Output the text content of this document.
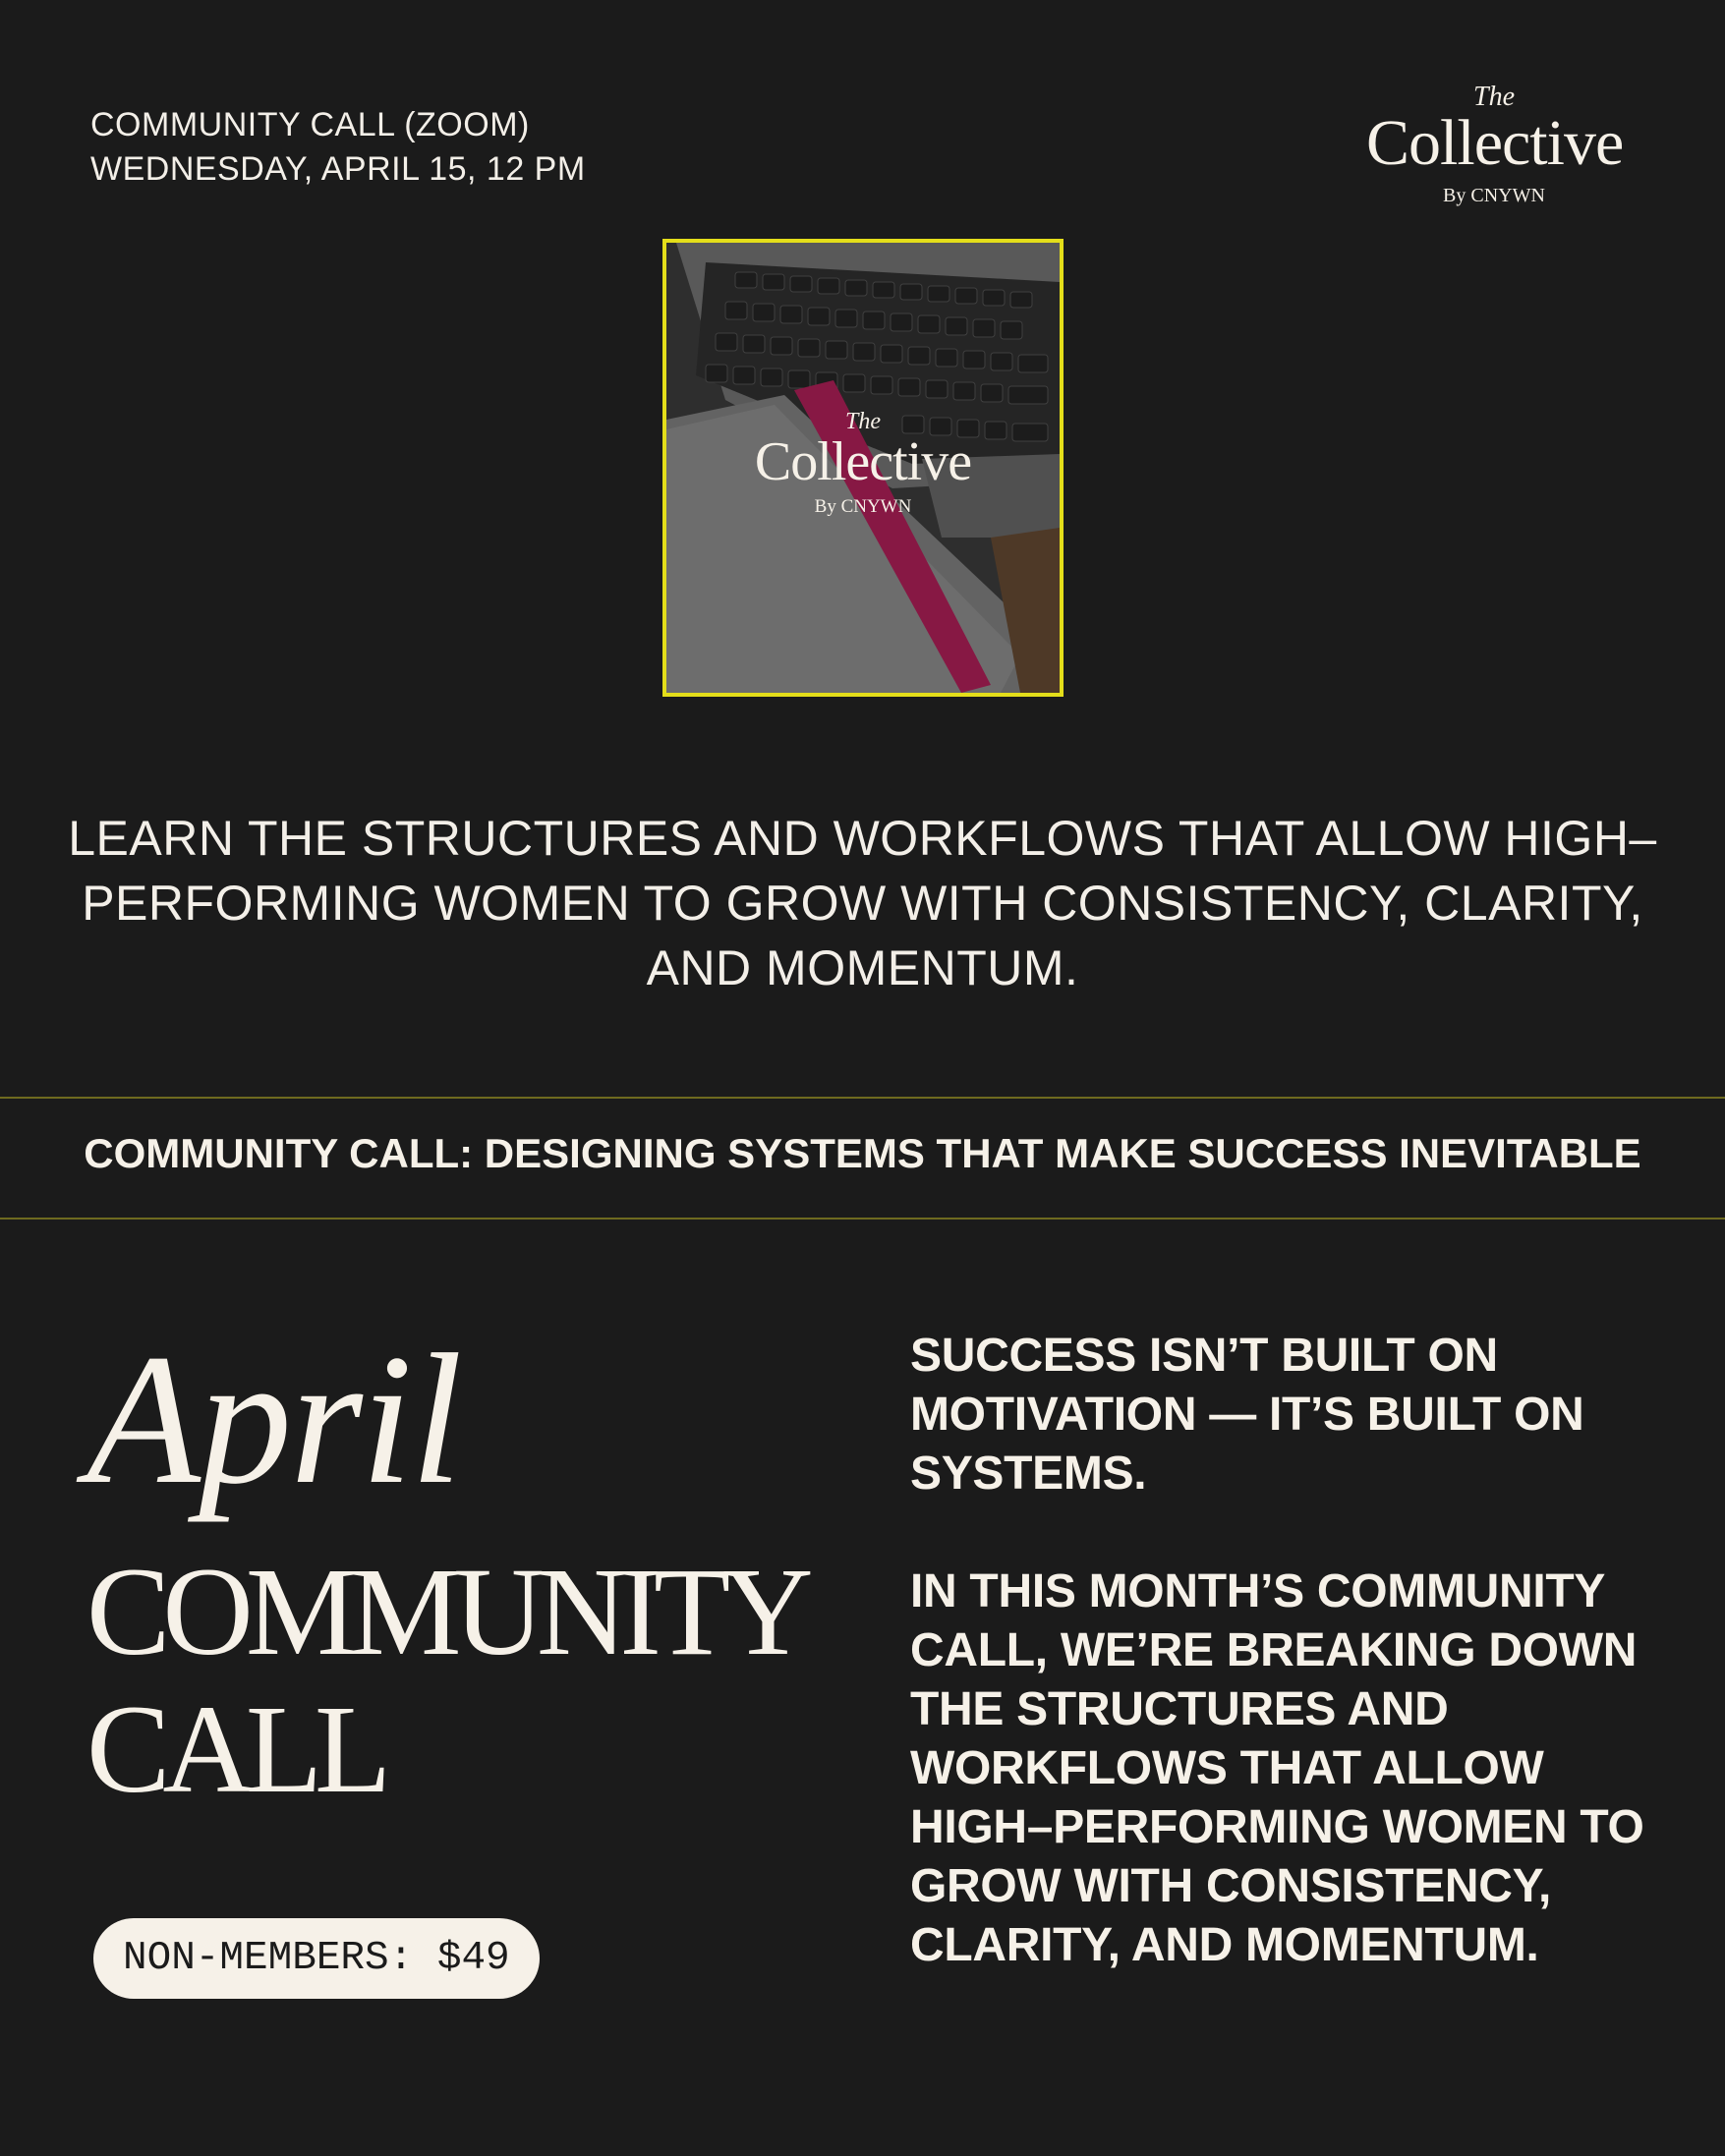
COMMUNITY CALL (ZOOM)
WEDNESDAY, APRIL 15, 12 PM
The
Collective
By CNYWN
The
Collective
By CNYWN
LEARN THE STRUCTURES AND WORKFLOWS THAT ALLOW HIGH–PERFORMING WOMEN TO GROW WITH CONSISTENCY, CLARITY, AND MOMENTUM.
COMMUNITY CALL: DESIGNING SYSTEMS THAT MAKE SUCCESS INEVITABLE
April
COMMUNITY
CALL
NON-MEMBERS: $49

SUCCESS ISN’T BUILT ON MOTIVATION — IT’S BUILT ON SYSTEMS.

IN THIS MONTH’S COMMUNITY CALL, WE’RE BREAKING DOWN THE STRUCTURES AND WORKFLOWS THAT ALLOW HIGH–PERFORMING WOMEN TO GROW WITH CONSISTENCY, CLARITY, AND MOMENTUM.
